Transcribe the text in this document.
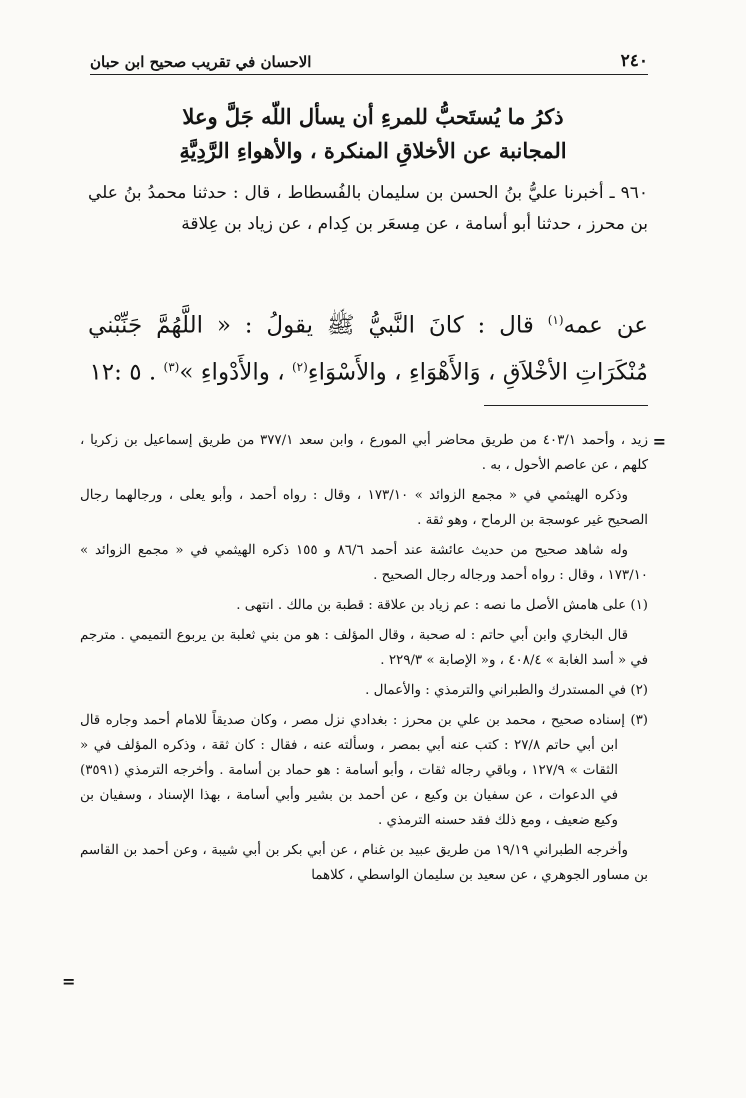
الاحسان في تقريب صحيح ابن حبان	٢٤٠
ذكرُ ما يُستَحبُّ للمرءِ أن يسأل اللّه جَلَّ وعلا
المجانبة عن الأخلاقِ المنكرة ، والأهواءِ الرَّدِيَّةِ

٩٦٠ ـ أخبرنا عليُّ بنُ الحسن بن سليمان بالفُسطاط ، قال : حدثنا محمدُ بنُ علي بن محرز ، حدثنا أبو أسامة ، عن مِسعَر بن كِدام ، عن زياد بن عِلاقة

عن عمه$^{(١)}$ قال : كانَ النَّبيُّ ﷺ يقولُ : « اللَّهُمَّ جَنِّبْني مُنْكَرَاتِ الأخْلاَقِ ، وَالأَهْوَاءِ ، والأَسْوَاءِ$^{(٢)}$ ، والأَدْواءِ »$^{(٣)}$ . ٥ :١٢
=

زيد ، وأحمد ٤٠٣/١ من طريق محاضر أبي المورع ، وابن سعد ٣٧٧/١ من طريق إسماعيل بن زكريا ، كلهم ، عن عاصم الأحول ، به .

وذكره الهيثمي في « مجمع الزوائد » ١٧٣/١٠ ، وقال : رواه أحمد ، وأبو يعلى ، ورجالهما رجال الصحيح غير عوسجة بن الرماح ، وهو ثقة .

وله شاهد صحيح من حديث عائشة عند أحمد ٨٦/٦ و ١٥٥ ذكره الهيثمي في « مجمع الزوائد » ١٧٣/١٠ ، وقال : رواه أحمد ورجاله رجال الصحيح .

(١) على هامش الأصل ما نصه : عم زياد بن علاقة : قطبة بن مالك . انتهى .

قال البخاري وابن أبي حاتم : له صحبة ، وقال المؤلف : هو من بني ثعلبة بن يربوع التميمي . مترجم في « أسد الغابة » ٤٠٨/٤ ، و« الإصابة » ٢٢٩/٣ .

(٢) في المستدرك والطبراني والترمذي : والأعمال .

(٣) إسناده صحيح ، محمد بن علي بن محرز : بغدادي نزل مصر ، وكان صديقاً للامام أحمد وجاره قال ابن أبي حاتم ٢٧/٨ : كتب عنه أبي بمصر ، وسألته عنه ، فقال : كان ثقة ، وذكره المؤلف في « الثقات » ١٢٧/٩ ، وباقي رجاله ثقات ، وأبو أسامة : هو حماد بن أسامة . وأخرجه الترمذي (٣٥٩١) في الدعوات ، عن سفيان بن وكيع ، عن أحمد بن بشير وأبي أسامة ، بهذا الإسناد ، وسفيان بن وكيع ضعيف ، ومع ذلك فقد حسنه الترمذي .

وأخرجه الطبراني ١٩/١٩ من طريق عبيد بن غنام ، عن أبي بكر بن أبي شيبة ، وعن أحمد بن القاسم بن مساور الجوهري ، عن سعيد بن سليمان الواسطي ، كلاهما

=
